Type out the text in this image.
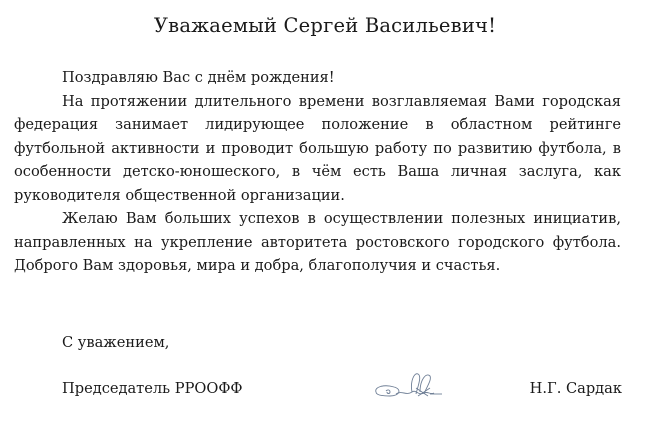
Уважаемый Сергей Васильевич!

Поздравляю Вас с днём рождения!

На протяжении длительного времени возглавляемая Вами городская федерация занимает лидирующее положение в областном рейтинге футбольной активности и проводит большую работу по развитию футбола, в особенности детско-юношеского, в чём есть Ваша личная заслуга, как руководителя общественной организации.

Желаю Вам больших успехов в осуществлении полезных инициатив, направленных на укрепление авторитета ростовского городского футбола. Доброго Вам здоровья, мира и добра, благополучия и счастья.

С уважением,
Председатель РРООФФ	Н.Г. Сардак
